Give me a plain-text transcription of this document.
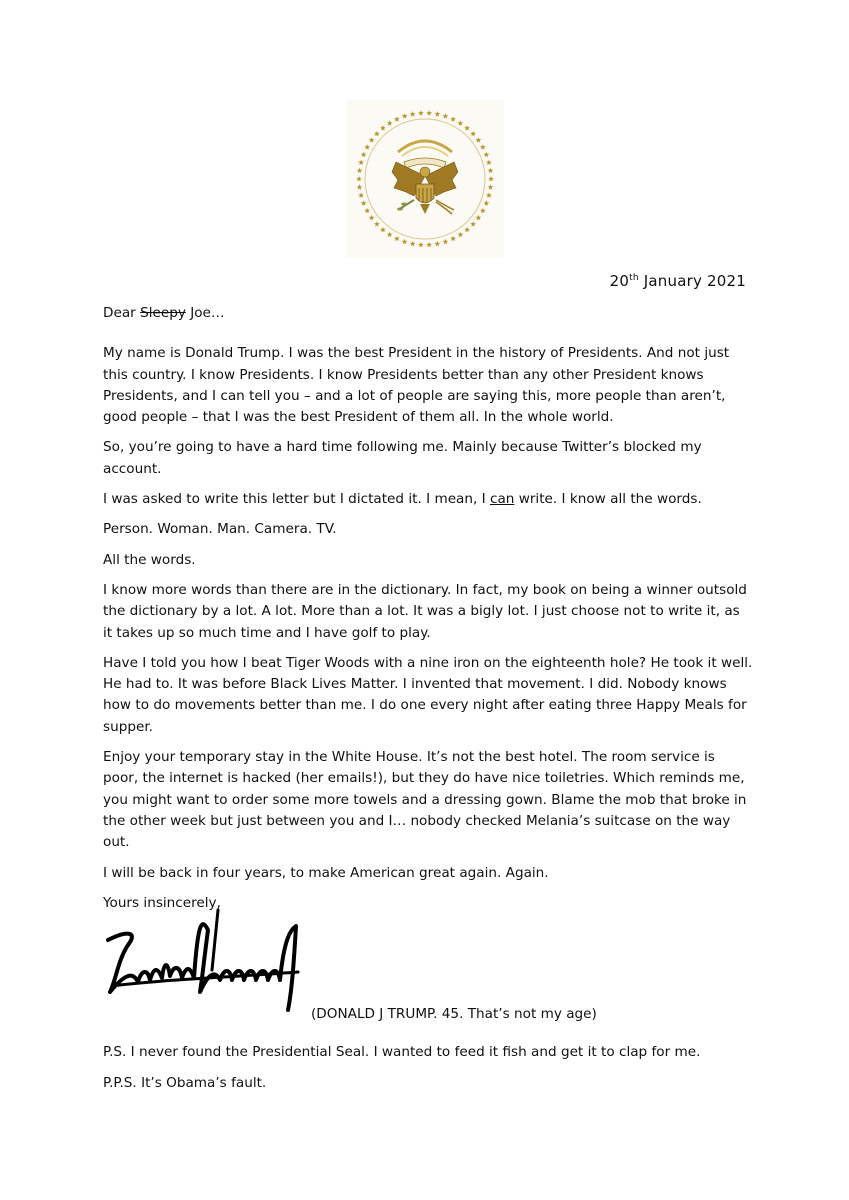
20th January 2021

Dear Sleepy Joe…

My name is Donald Trump. I was the best President in the history of Presidents. And not just this country. I know Presidents. I know Presidents better than any other President knows Presidents, and I can tell you – and a lot of people are saying this, more people than aren’t, good people – that I was the best President of them all. In the whole world.

So, you’re going to have a hard time following me. Mainly because Twitter’s blocked my account.

I was asked to write this letter but I dictated it. I mean, I can write. I know all the words.

Person. Woman. Man. Camera. TV.

All the words.

I know more words than there are in the dictionary. In fact, my book on being a winner outsold the dictionary by a lot. A lot. More than a lot. It was a bigly lot. I just choose not to write it, as it takes up so much time and I have golf to play.

Have I told you how I beat Tiger Woods with a nine iron on the eighteenth hole? He took it well. He had to. It was before Black Lives Matter. I invented that movement. I did. Nobody knows how to do movements better than me. I do one every night after eating three Happy Meals for supper.

Enjoy your temporary stay in the White House. It’s not the best hotel. The room service is poor, the internet is hacked (her emails!), but they do have nice toiletries. Which reminds me, you might want to order some more towels and a dressing gown. Blame the mob that broke in the other week but just between you and I… nobody checked Melania’s suitcase on the way out.

I will be back in four years, to make American great again. Again.

Yours insincerely,

(DONALD J TRUMP. 45. That’s not my age)
P.S. I never found the Presidential Seal. I wanted to feed it fish and get it to clap for me.
P.P.S. It’s Obama’s fault.
